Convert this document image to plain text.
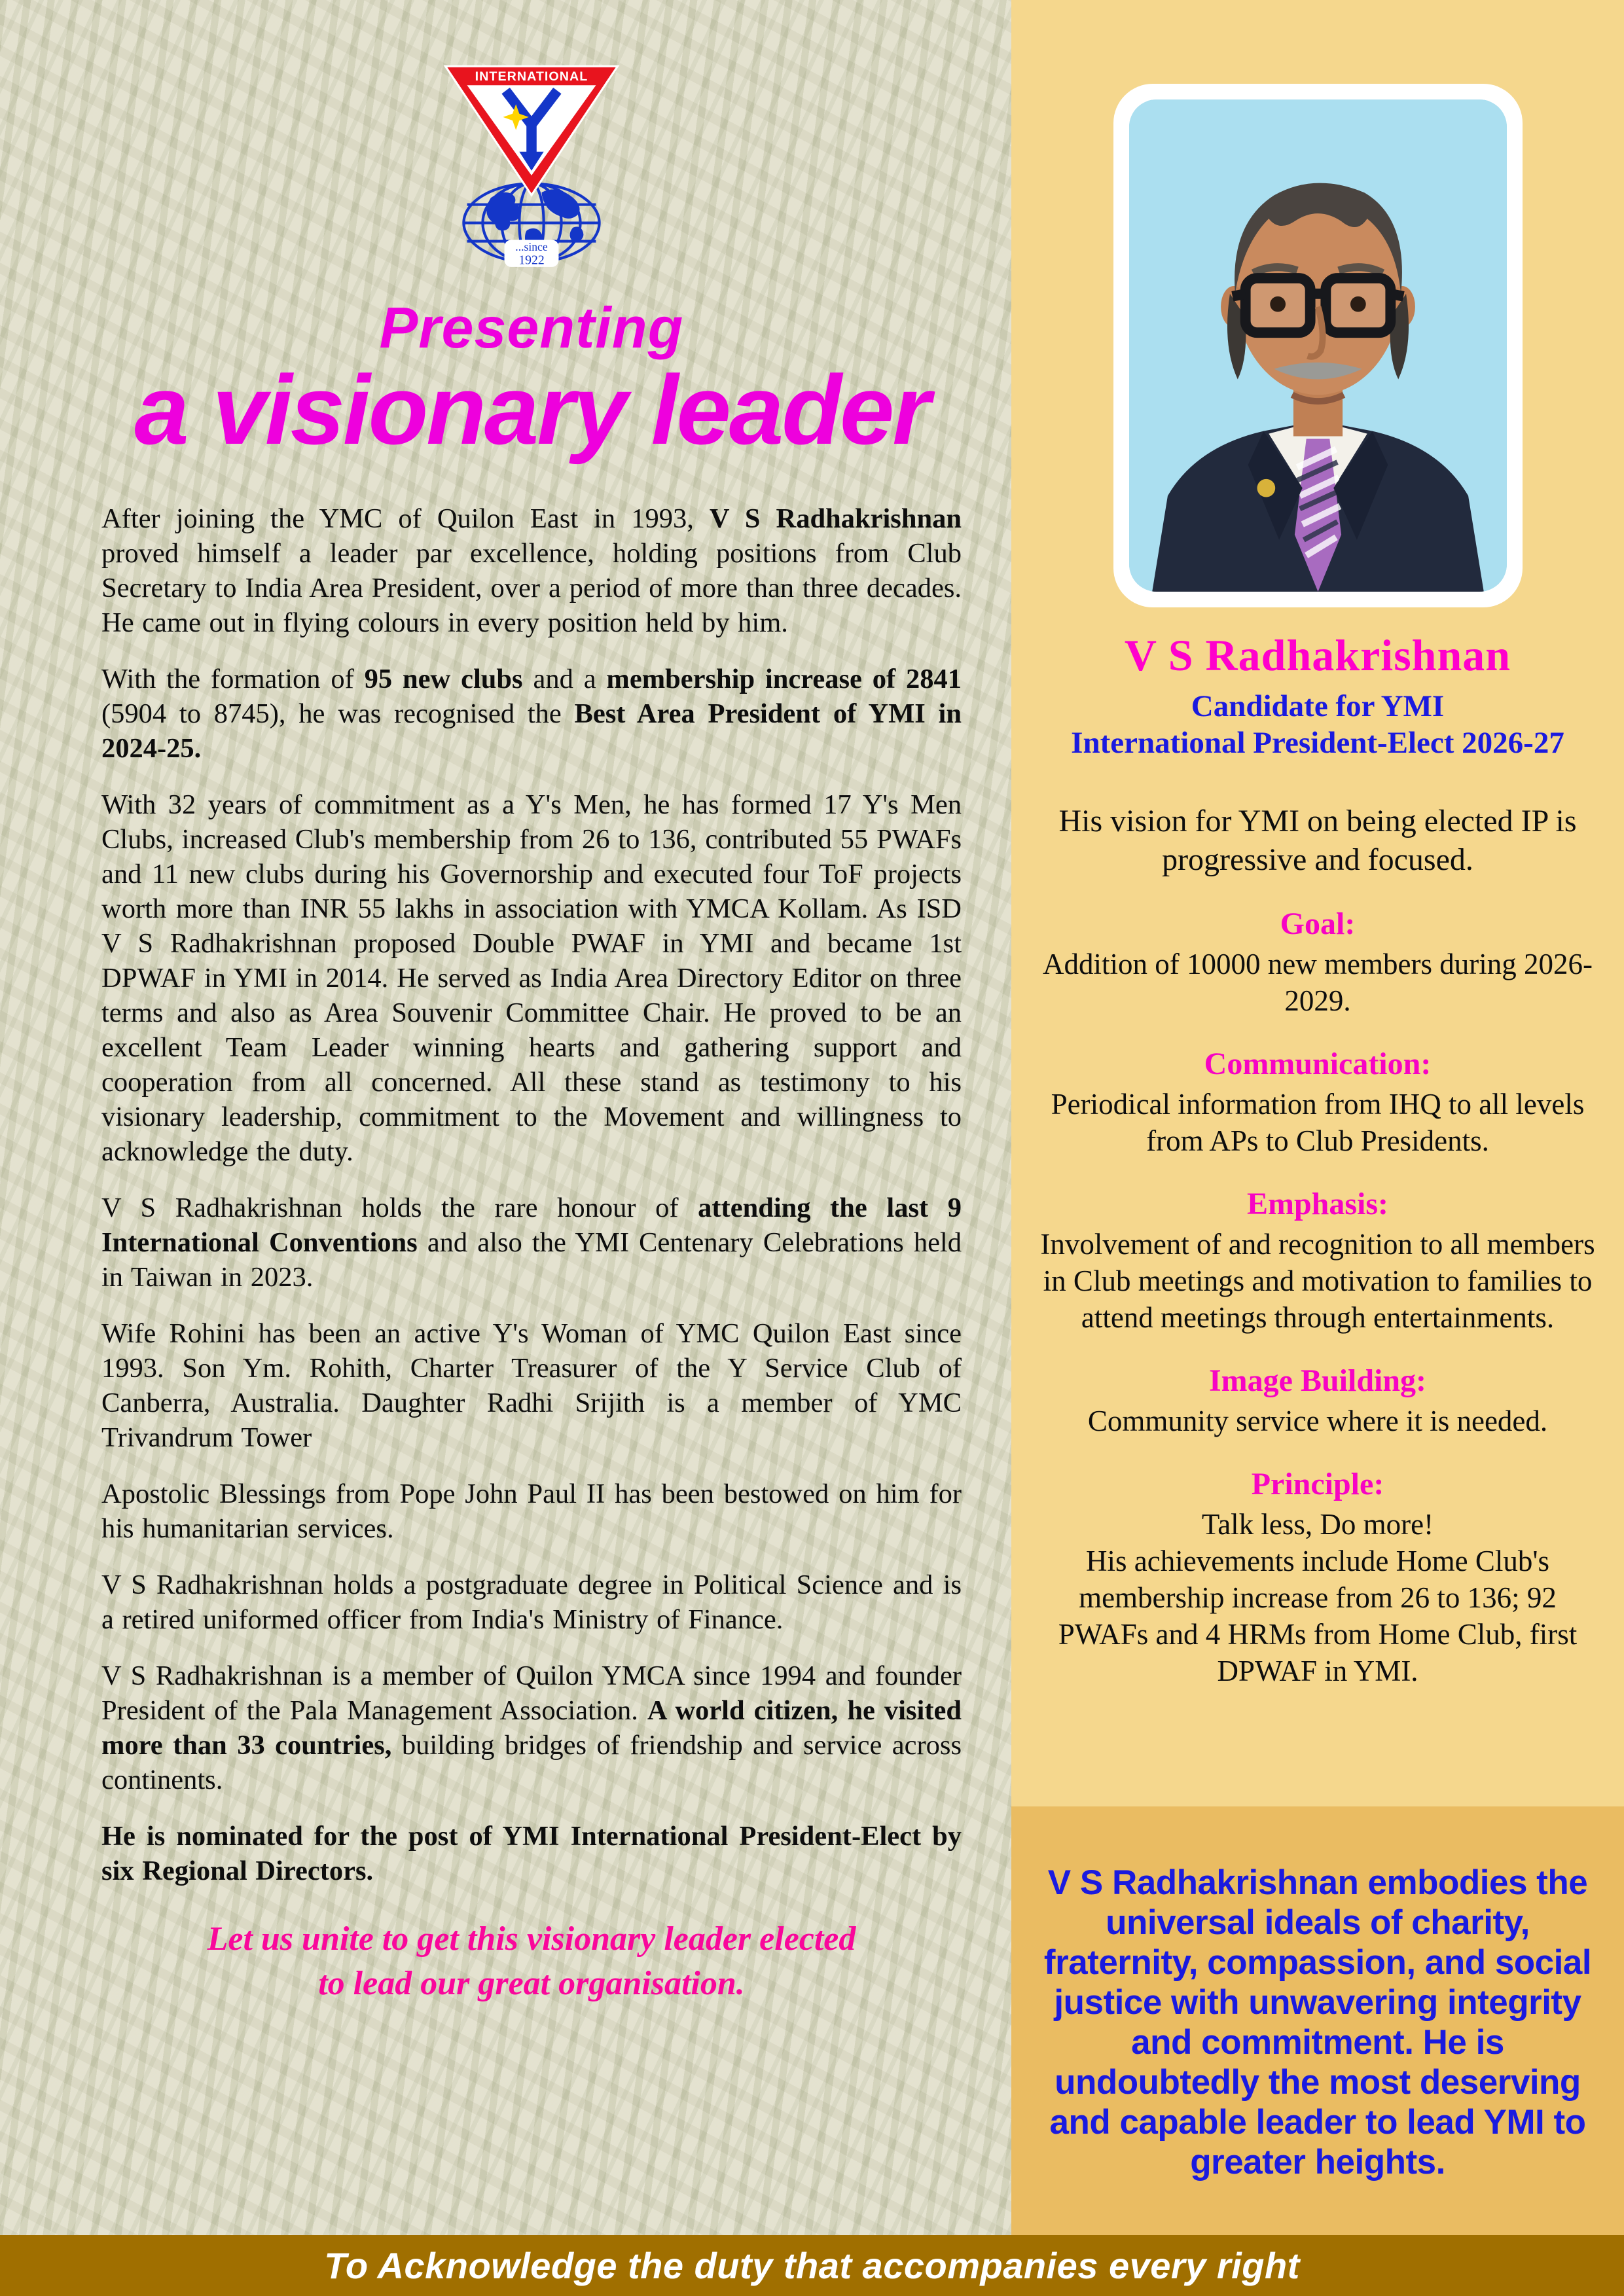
...since
1922
INTERNATIONAL
Presenting
a visionary leader

After joining the YMC of Quilon East in 1993, V S Radhakrishnan proved himself a leader par excellence, holding positions from Club Secretary to India Area President, over a period of more than three decades. He came out in flying colours in every position held by him.

With the formation of 95 new clubs and a membership increase of 2841 (5904 to 8745), he was recognised the Best Area President of YMI in 2024-25.

With 32 years of commitment as a Y's Men, he has formed 17 Y's Men Clubs, increased Club's membership from 26 to 136, contributed 55 PWAFs and 11 new clubs during his Governorship and executed four ToF projects worth more than INR 55 lakhs in association with YMCA Kollam. As ISD V S Radhakrishnan proposed Double PWAF in YMI and became 1st DPWAF in YMI in 2014. He served as India Area Directory Editor on three terms and also as Area Souvenir Committee Chair. He proved to be an excellent Team Leader winning hearts and gathering support and cooperation from all concerned. All these stand as testimony to his visionary leadership, commitment to the Movement and willingness to acknowledge the duty.

V S Radhakrishnan holds the rare honour of attending the last 9 International Conventions and also the YMI Centenary Celebrations held in Taiwan in 2023.

Wife Rohini has been an active Y's Woman of YMC Quilon East since 1993. Son Ym. Rohith, Charter Treasurer of the Y Service Club of Canberra, Australia. Daughter Radhi Srijith is a member of YMC Trivandrum Tower

Apostolic Blessings from Pope John Paul II has been bestowed on him for his humanitarian services.

V S Radhakrishnan holds a postgraduate degree in Political Science and is a retired uniformed officer from India's Ministry of Finance.

V S Radhakrishnan is a member of Quilon YMCA since 1994 and founder President of the Pala Management Association. A world citizen, he visited more than 33 countries, building bridges of friendship and service across continents.

He is nominated for the post of YMI International President-Elect by six Regional Directors.

Let us unite to get this visionary leader elected
to lead our great organisation.
V S Radhakrishnan
Candidate for YMI
International President-Elect 2026-27
His vision for YMI on being elected IP is progressive and focused.
Goal:
Addition of 10000 new members during 2026-2029.
Communication:
Periodical information from IHQ to all levels from APs to Club Presidents.
Emphasis:
Involvement of and recognition to all members in Club meetings and motivation to families to attend meetings through entertainments.
Image Building:
Community service where it is needed.
Principle:
Talk less, Do more!
His achievements include Home Club's membership increase from 26 to 136; 92 PWAFs and 4 HRMs from Home Club, first DPWAF in YMI.
V S Radhakrishnan embodies the universal ideals of charity, fraternity, compassion, and social justice with unwavering integrity and commitment. He is undoubtedly the most deserving and capable leader to lead YMI to greater heights.
To Acknowledge the duty that accompanies every right
